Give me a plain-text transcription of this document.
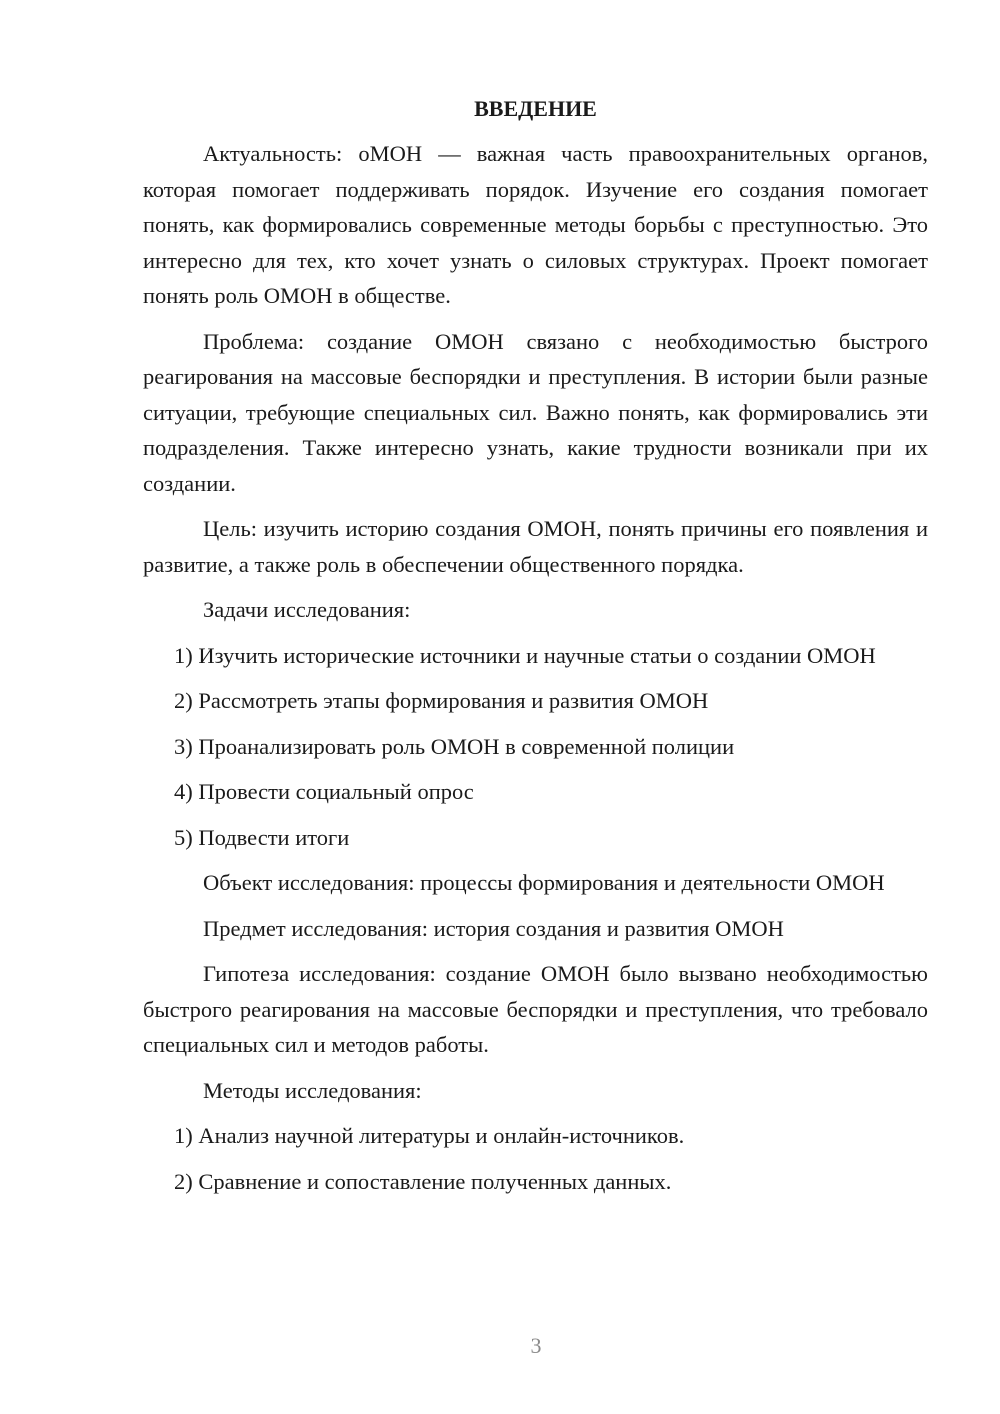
ВВЕДЕНИЕ

Актуальность: оМОН — важная часть правоохранительных органов, которая помогает поддерживать порядок. Изучение его создания помогает понять, как формировались современные методы борьбы с преступностью. Это интересно для тех, кто хочет узнать о силовых структурах. Проект помогает понять роль ОМОН в обществе.

Проблема: создание ОМОН связано с необходимостью быстрого реагирования на массовые беспорядки и преступления. В истории были разные ситуации, требующие специальных сил. Важно понять, как формировались эти подразделения. Также интересно узнать, какие трудности возникали при их создании.

Цель: изучить историю создания ОМОН, понять причины его появления и развитие, а также роль в обеспечении общественного порядка.

Задачи исследования:

1) Изучить исторические источники и научные статьи о создании ОМОН

2) Рассмотреть этапы формирования и развития ОМОН

3) Проанализировать роль ОМОН в современной полиции

4) Провести социальный опрос

5) Подвести итоги

Объект исследования: процессы формирования и деятельности ОМОН

Предмет исследования: история создания и развития ОМОН

Гипотеза исследования: создание ОМОН было вызвано необходимостью быстрого реагирования на массовые беспорядки и преступления, что требовало специальных сил и методов работы.

Методы исследования:

1) Анализ научной литературы и онлайн-источников.

2) Сравнение и сопоставление полученных данных.

3
